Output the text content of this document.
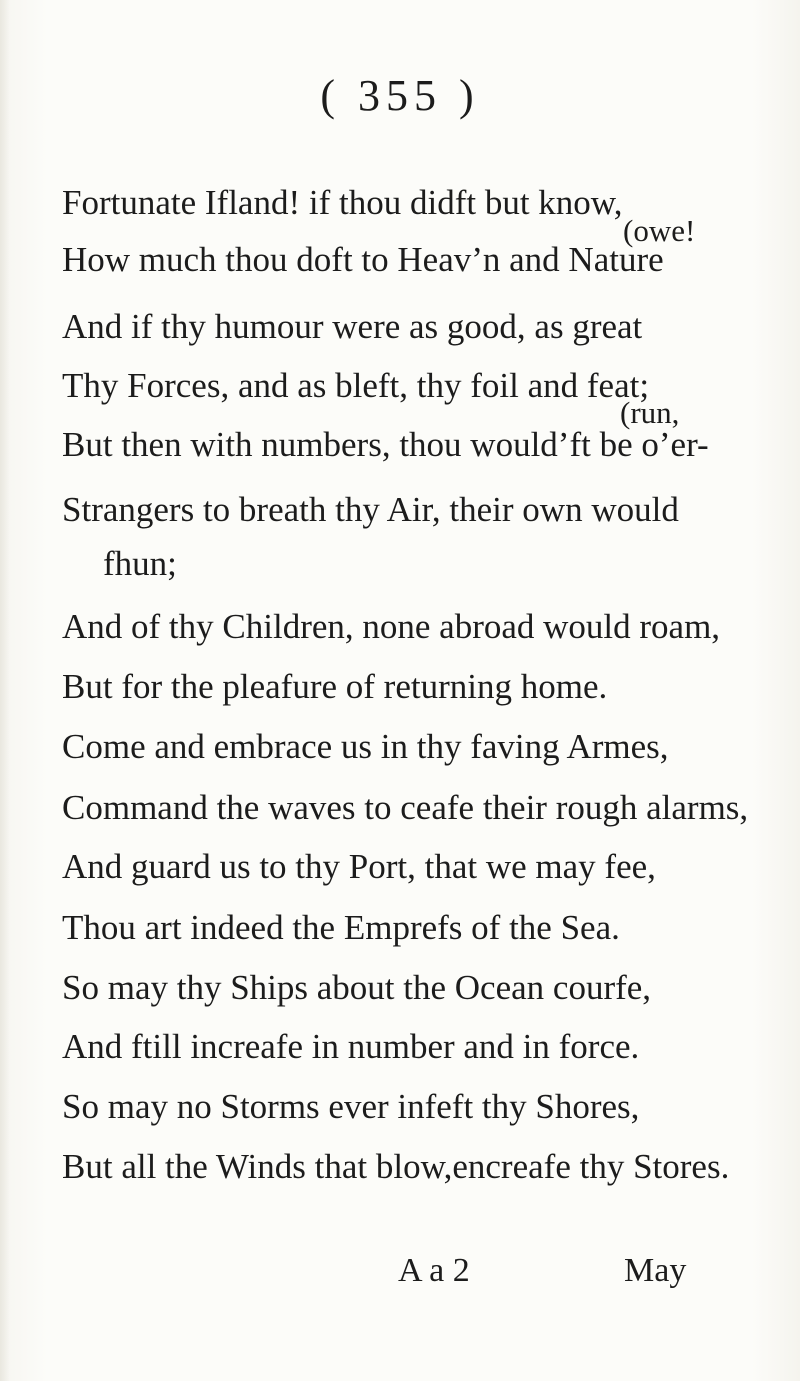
( 355 )
Fortunate Ifland! if thou didft but know,
(owe!
How much thou doft to Heav’n and Nature
And if thy humour were as good, as great
Thy Forces, and as bleft, thy foil and feat;
(run,
But then with numbers, thou would’ft be o’er-
Strangers to breath thy Air, their own would
fhun;
And of thy Children, none abroad would roam,
But for the pleafure of returning home.
Come and embrace us in thy faving Armes,
Command the waves to ceafe their rough alarms,
And guard us to thy Port, that we may fee,
Thou art indeed the Emprefs of the Sea.
So may thy Ships about the Ocean courfe,
And ftill increafe in number and in force.
So may no Storms ever infeft thy Shores,
But all the Winds that blow,encreafe thy Stores.
A a 2	May
